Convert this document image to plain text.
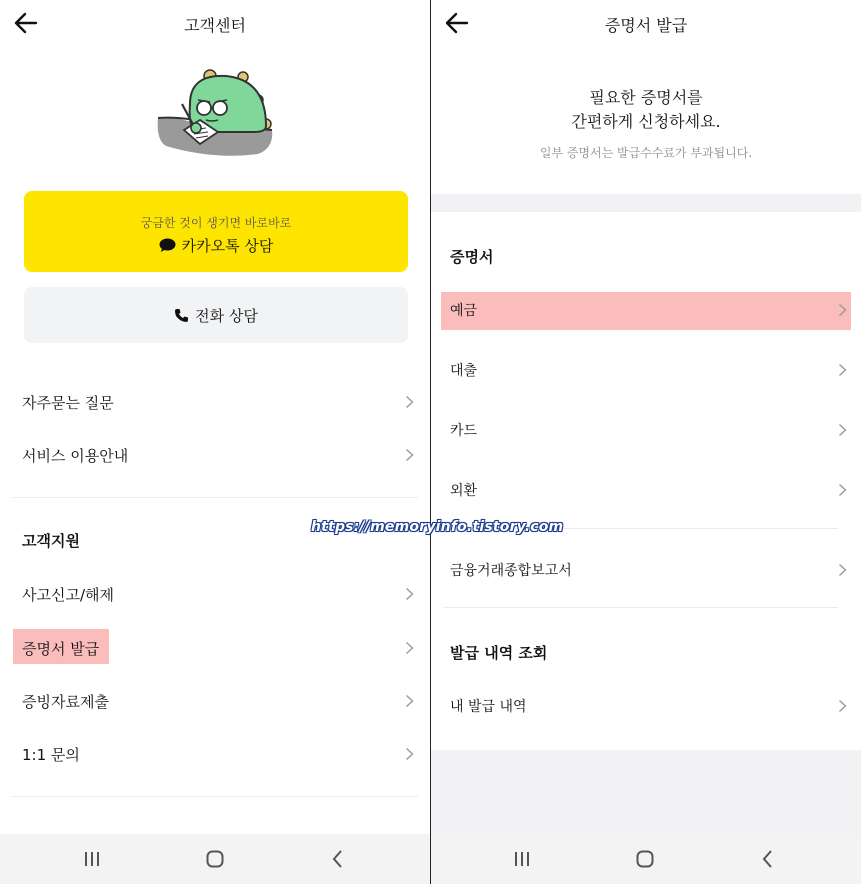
고객센터
궁금한 것이 생기면 바로바로
카카오톡 상담
전화 상담
자주묻는 질문
서비스 이용안내
고객지원
사고신고/해제
증명서 발급
증빙자료제출
1:1 문의
증명서 발급
필요한 증명서를
간편하게 신청하세요.
일부 증명서는 발급수수료가 부과됩니다.
증명서
예금
대출
카드
외환
금융거래종합보고서
발급 내역 조회
내 발급 내역
https://memoryinfo.tistory.com
